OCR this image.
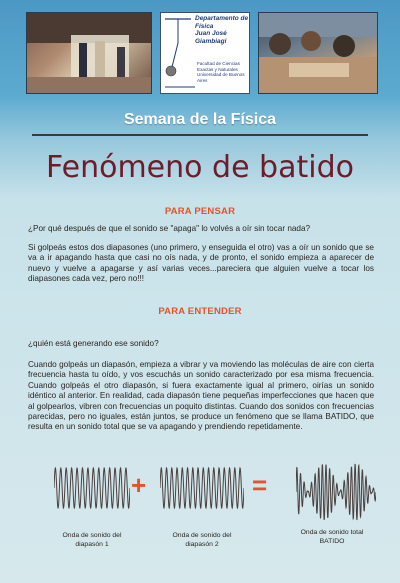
Departamento de Física
Juan José Giambiagi
Facultad de Ciencias Exactas y Naturales
Universidad de Buenos Aires
Semana de la Física
Fenómeno de batido
PARA PENSAR
¿Por qué después de que el sonido se "apaga" lo volvés a oír sin tocar nada?
Si golpeás estos dos diapasones (uno primero, y enseguida el otro) vas a oír un sonido que se va a ir apagando hasta que casi no oís nada, y de pronto, el sonido empieza a aparecer de nuevo y vuelve a apagarse y así varias veces...pareciera que alguien vuelve a tocar los diapasones cada vez, pero no!!!
PARA ENTENDER
¿quién está generando ese sonido?
Cuando golpeás un diapasón, empieza a vibrar y va moviendo las moléculas de aire con cierta frecuencia hasta tu oído, y vos escuchás un sonido caracterizado por esa misma frecuencia. Cuando golpeás el otro diapasón, si fuera exactamente igual al primero, oirías un sonido idéntico al anterior. En realidad, cada diapasón tiene pequeñas imperfecciones que hacen que al golpearlos, vibren con frecuencias un poquito distintas. Cuando dos sonidos con frecuencias parecidas, pero no iguales, están juntos, se produce un fenómeno que se llama BATIDO, que resulta en un sonido total que se va apagando y prendiendo repetidamente.
+	=
Onda de sonido del
diapasón 1
Onda de sonido del
diapasón 2
Onda de sonido total
BATIDO
